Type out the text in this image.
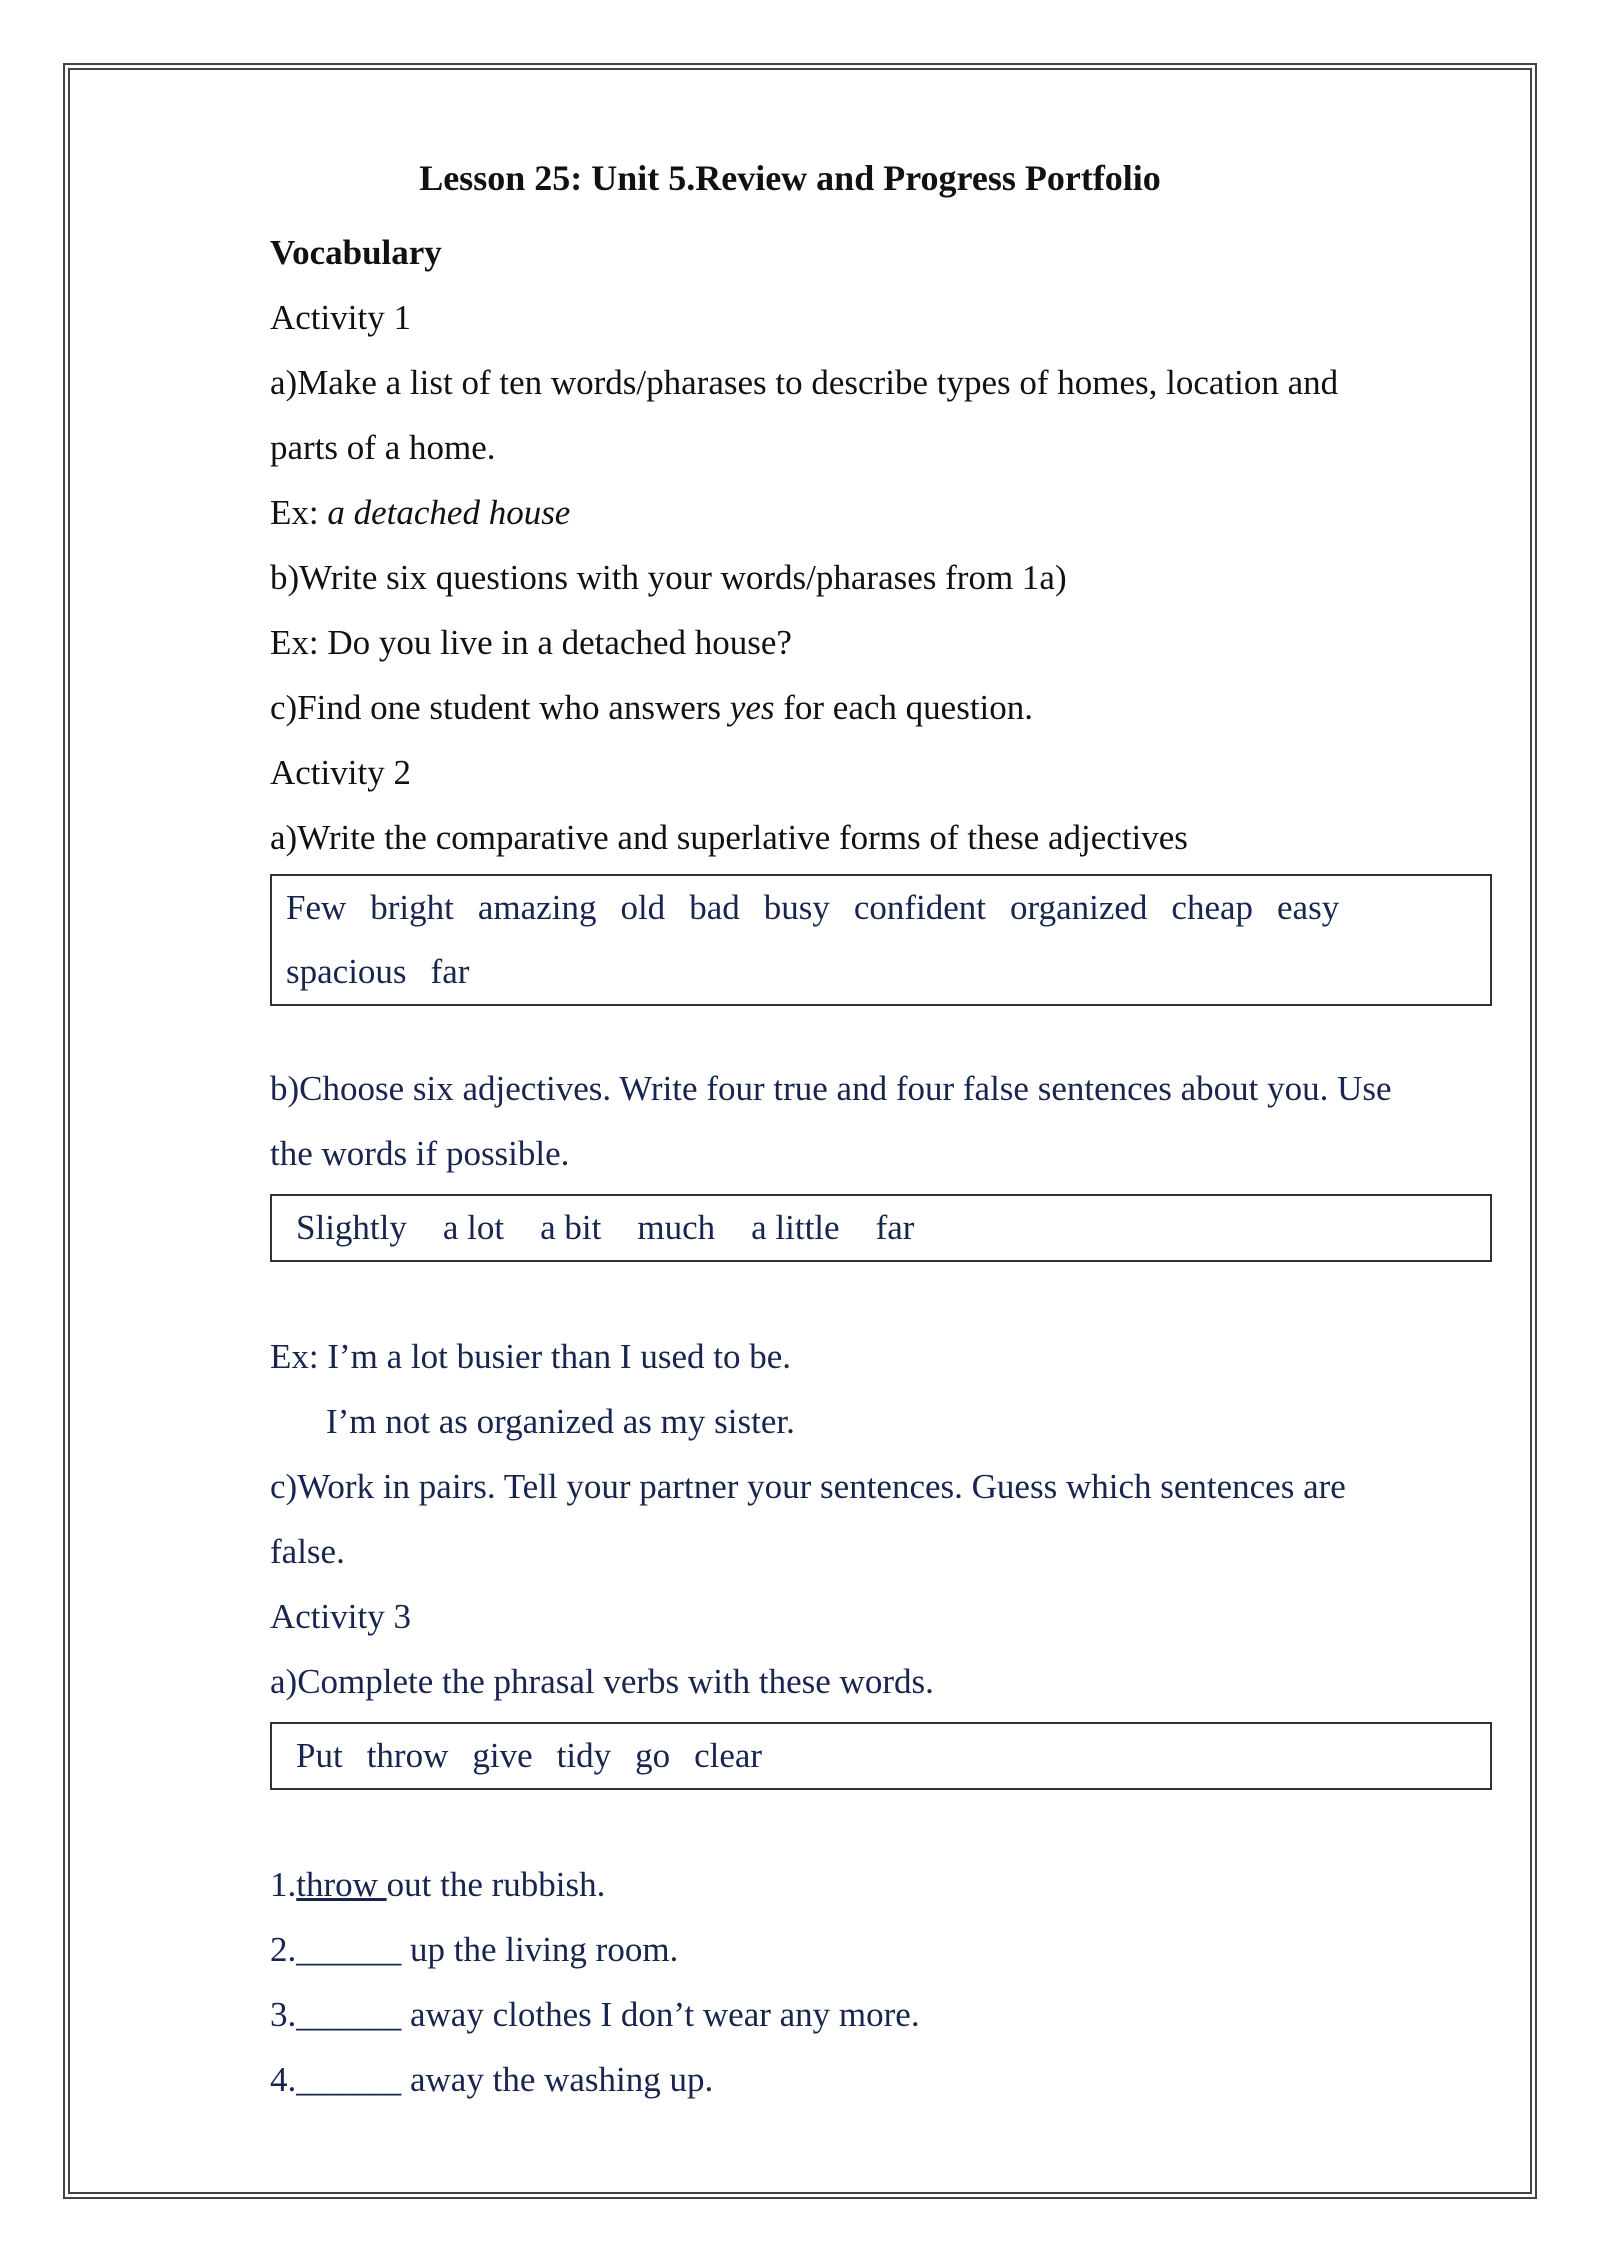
Lesson 25: Unit 5.Review and Progress Portfolio
Vocabulary
Activity 1
a)Make a list of ten words/pharases to describe types of homes, location and
parts of a home.
Ex: a detached house
b)Write six questions with your words/pharases from 1a)
Ex: Do you live in a detached house?
c)Find one student who answers yes for each question.
Activity 2
a)Write the comparative and superlative forms of these adjectives
Few bright amazing old bad busy confident organized cheap easy
spacious far
b)Choose six adjectives. Write four true and four false sentences about you. Use
the words if possible.
Slightly a lot a bit much a little far
Ex: I’m a lot busier than I used to be.
I’m not as organized as my sister.
c)Work in pairs. Tell your partner your sentences. Guess which sentences are
false.
Activity 3
a)Complete the phrasal verbs with these words.
Put throw give tidy go clear
1.throw out the rubbish.
2.______ up the living room.
3.______ away clothes I don’t wear any more.
4.______ away the washing up.
